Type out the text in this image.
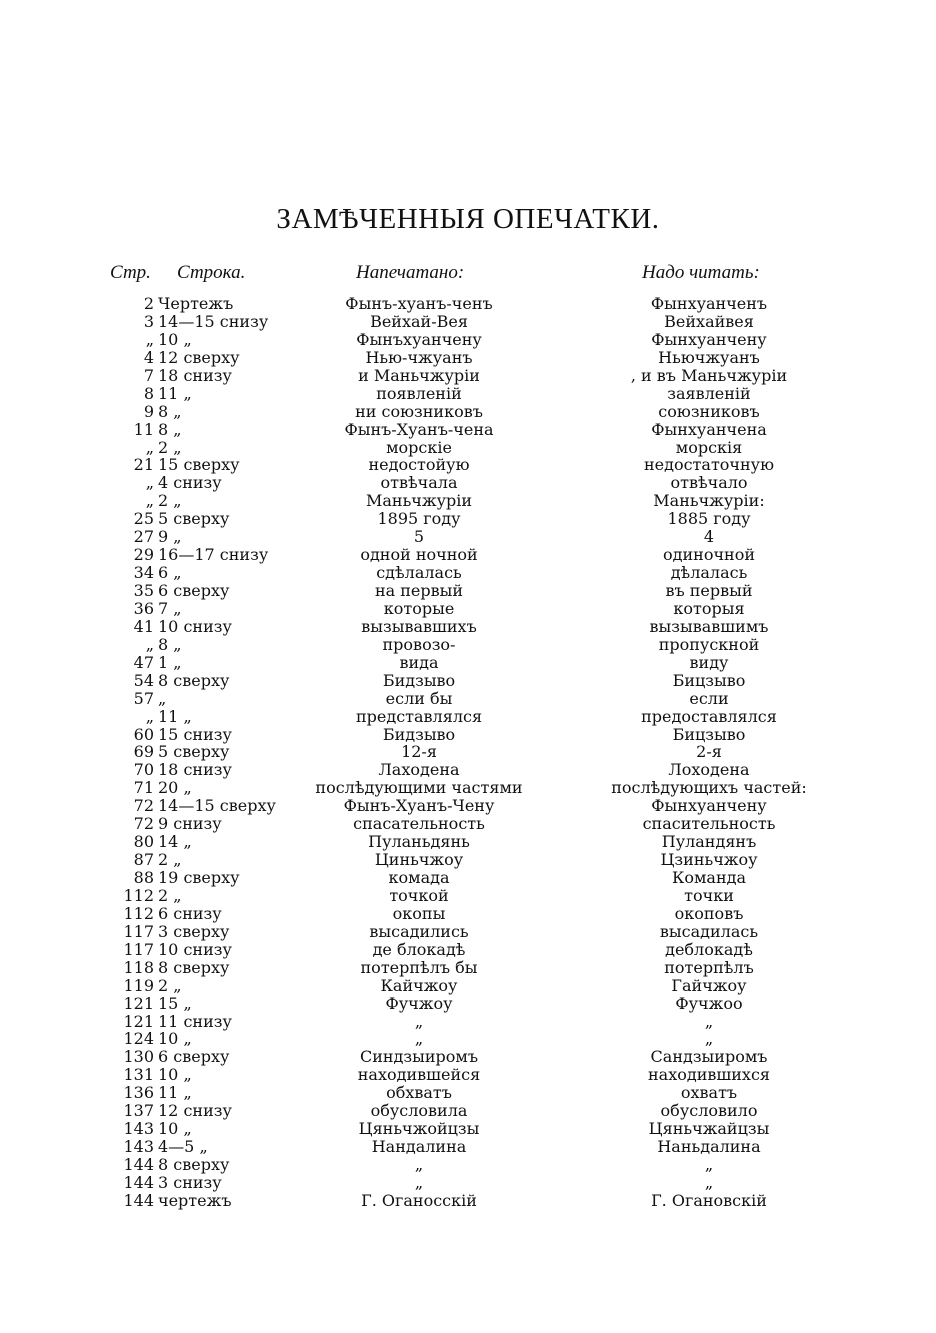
ЗАМѢЧЕННЫЯ ОПЕЧАТКИ.
Стр. Строка.	Напечатано:	Надо читать:
2 Чертежъ	Фынъ-хуанъ-ченъ	Фынхуанченъ
3 14—15 снизу	Вейхай-Вея	Вейхайвея
„ 10 „	Фынъхуанчену	Фынхуанчену
4 12 сверху	Нью-чжуанъ	Ньючжуанъ
7 18 снизу	и Маньчжуріи	, и въ Маньчжуріи
8 11 „	появленій	заявленій
9 8 „	ни союзниковъ	союзниковъ
11 8 „	Фынъ-Хуанъ-чена	Фынхуанчена
„ 2 „	морскіе	морскія
21 15 сверху	недостойую	недостаточную
„ 4 снизу	отвѣчала	отвѣчало
„ 2 „	Маньчжуріи	Маньчжуріи:
25 5 сверху	1895 году	1885 году
27 9 „	5	4
29 16—17 снизу	одной ночной	одиночной
34 6 „	сдѣлалась	дѣлалась
35 6 сверху	на первый	въ первый
36 7 „	которые	которыя
41 10 снизу	вызывавшихъ	вызывавшимъ
„ 8 „	провозо-	пропускной
47 1 „	вида	виду
54 8 сверху	Бидзыво	Бицзыво
57 „	если бы	если
„ 11 „	представлялся	предоставлялся
60 15 снизу	Бидзыво	Бицзыво
69 5 сверху	12-я	2-я
70 18 снизу	Лаходена	Лоходена
71 20 „	послѣдующими частями	послѣдующихъ частей:
72 14—15 сверху	Фынъ-Хуанъ-Чену	Фынхуанчену
72 9 снизу	спасательность	спасительность
80 14 „	Пуланьдянь	Пуландянъ
87 2 „	Циньчжоу	Цзиньчжоу
88 19 сверху	комада	Команда
112 2 „	точкой	точки
112 6 снизу	окопы	окоповъ
117 3 сверху	высадились	высадилась
117 10 снизу	де блокадѣ	деблокадѣ
118 8 сверху	потерпѣлъ бы	потерпѣлъ
119 2 „	Кайчжоу	Гайчжоу
121 15 „	Фучжоу	Фучжоо
121 11 снизу	„	„
124 10 „	„	„
130 6 сверху	Синдзыиромъ	Сандзыиромъ
131 10 „	находившейся	находившихся
136 11 „	обхватъ	охватъ
137 12 снизу	обусловила	обусловило
143 10 „	Цяньчжойцзы	Цяньчжайцзы
143 4—5 „	Нандалина	Наньдалина
144 8 сверху	„	„
144 3 снизу	„	„
144 чертежъ	Г. Оганосскій	Г. Огановскій
